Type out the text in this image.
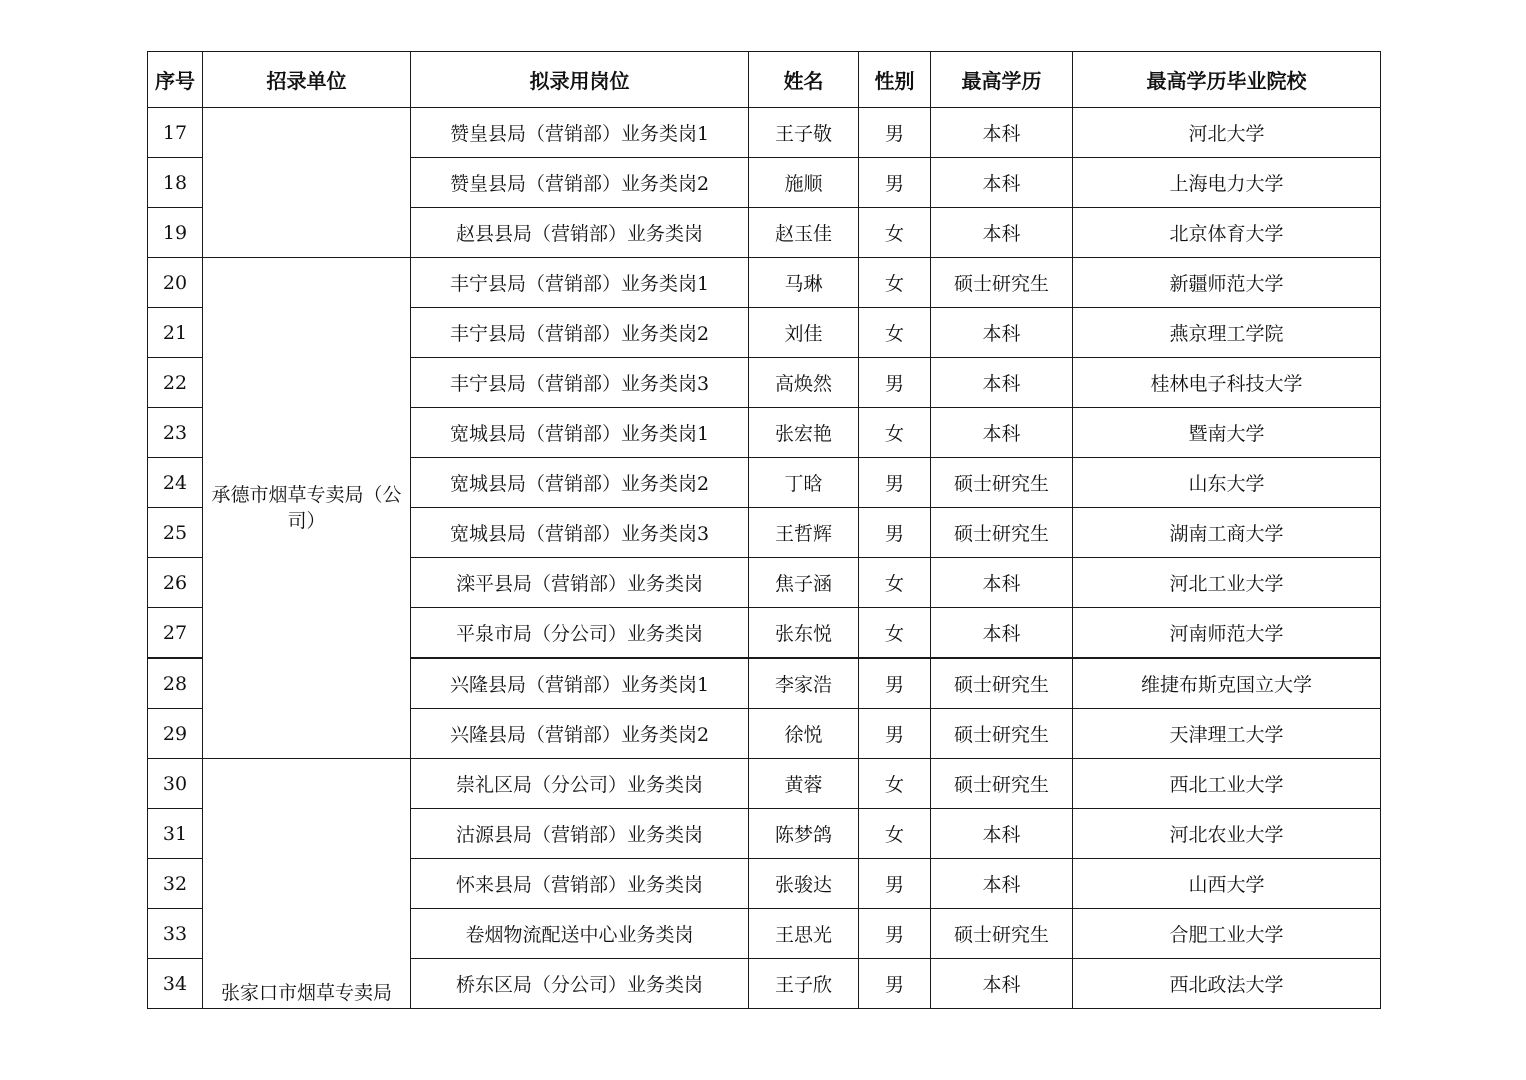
序号	招录单位	拟录用岗位	姓名	性别	最高学历	最高学历毕业院校
17		赞皇县局（营销部）业务类岗1	王子敬	男	本科	河北大学
18		赞皇县局（营销部）业务类岗2	施顺	男	本科	上海电力大学
19		赵县县局（营销部）业务类岗	赵玉佳	女	本科	北京体育大学
20	承德市烟草专卖局（公司）	丰宁县局（营销部）业务类岗1	马琳	女	硕士研究生	新疆师范大学
21		丰宁县局（营销部）业务类岗2	刘佳	女	本科	燕京理工学院
22		丰宁县局（营销部）业务类岗3	高焕然	男	本科	桂林电子科技大学
23		宽城县局（营销部）业务类岗1	张宏艳	女	本科	暨南大学
24		宽城县局（营销部）业务类岗2	丁晗	男	硕士研究生	山东大学
25		宽城县局（营销部）业务类岗3	王哲辉	男	硕士研究生	湖南工商大学
26		滦平县局（营销部）业务类岗	焦子涵	女	本科	河北工业大学
27		平泉市局（分公司）业务类岗	张东悦	女	本科	河南师范大学
28		兴隆县局（营销部）业务类岗1	李家浩	男	硕士研究生	维捷布斯克国立大学
29		兴隆县局（营销部）业务类岗2	徐悦	男	硕士研究生	天津理工大学
30	张家口市烟草专卖局	崇礼区局（分公司）业务类岗	黄蓉	女	硕士研究生	西北工业大学
31		沽源县局（营销部）业务类岗	陈梦鸽	女	本科	河北农业大学
32		怀来县局（营销部）业务类岗	张骏达	男	本科	山西大学
33		卷烟物流配送中心业务类岗	王思光	男	硕士研究生	合肥工业大学
34		桥东区局（分公司）业务类岗	王子欣	男	本科	西北政法大学
